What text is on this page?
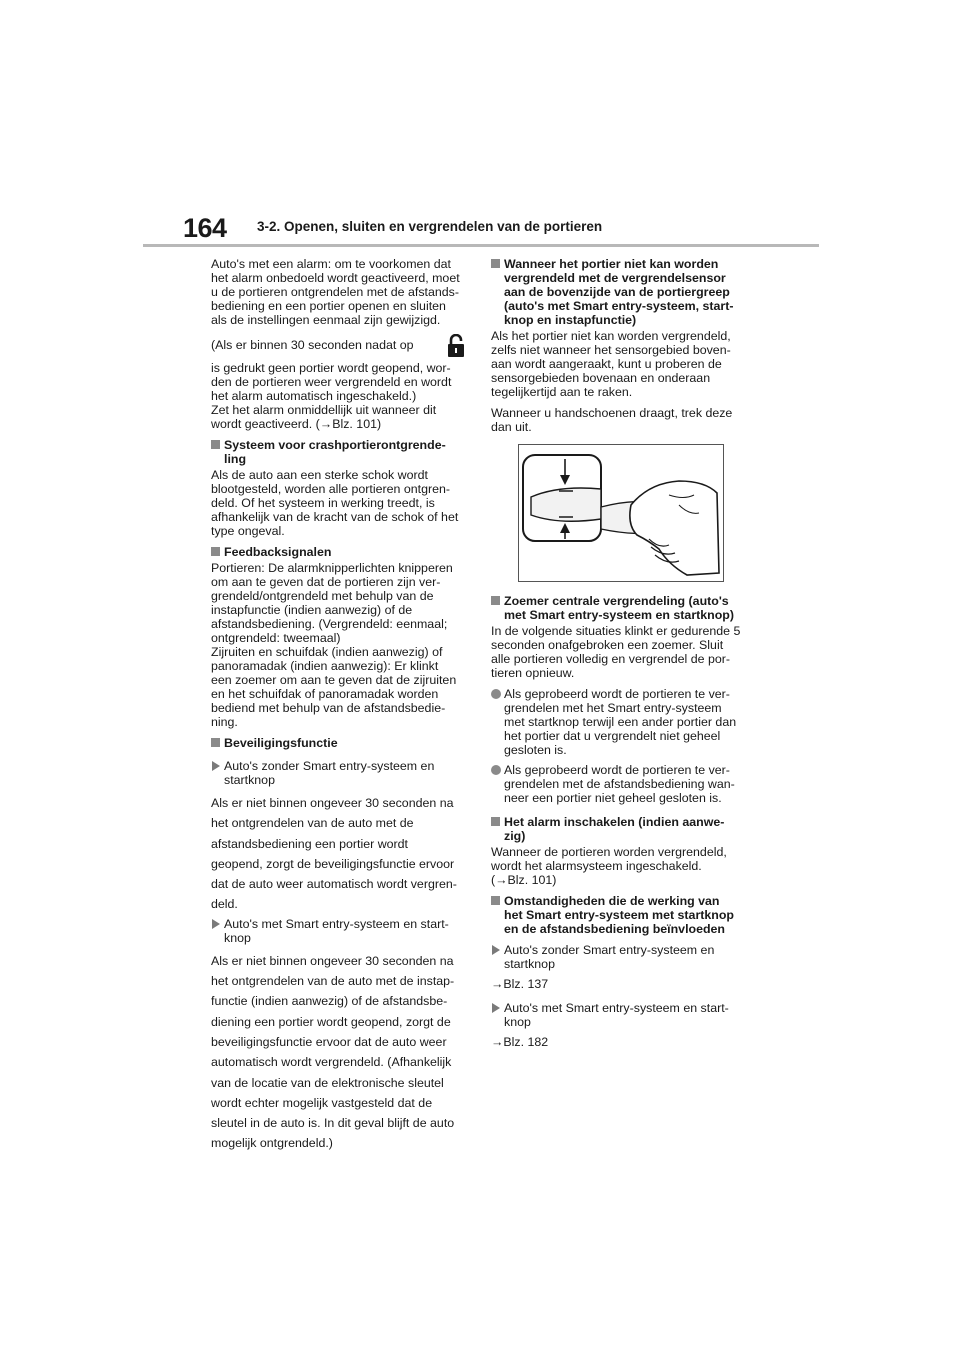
164 3-2. Openen, sluiten en vergrendelen van de portieren

Auto's met een alarm: om te voorkomen dat
het alarm onbedoeld wordt geactiveerd, moet
u de portieren ontgrendelen met de afstands-
bediening en een portier openen en sluiten
als de instellingen eenmaal zijn gewijzigd.

(Als er binnen 30 seconden nadat op

is gedrukt geen portier wordt geopend, wor-
den de portieren weer vergrendeld en wordt
het alarm automatisch ingeschakeld.)
Zet het alarm onmiddellijk uit wanneer dit
wordt geactiveerd. (→Blz. 101)

Systeem voor crashportierontgrende-
ling

Als de auto aan een sterke schok wordt
blootgesteld, worden alle portieren ontgren-
deld. Of het systeem in werking treedt, is
afhankelijk van de kracht van de schok of het
type ongeval.

Feedbacksignalen

Portieren: De alarmknipperlichten knipperen
om aan te geven dat de portieren zijn ver-
grendeld/ontgrendeld met behulp van de
instapfunctie (indien aanwezig) of de
afstandsbediening. (Vergrendeld: eenmaal;
ontgrendeld: tweemaal)
Zijruiten en schuifdak (indien aanwezig) of
panoramadak (indien aanwezig): Er klinkt
een zoemer om aan te geven dat de zijruiten
en het schuifdak of panoramadak worden
bediend met behulp van de afstandsbedie-
ning.

Beveiligingsfunctie
Auto's zonder Smart entry-systeem en
startknop

Als er niet binnen ongeveer 30 seconden na
het ontgrendelen van de auto met de
afstandsbediening een portier wordt
geopend, zorgt de beveiligingsfunctie ervoor
dat de auto weer automatisch wordt vergren-
deld.

Auto's met Smart entry-systeem en start-
knop

Als er niet binnen ongeveer 30 seconden na
het ontgrendelen van de auto met de instap-
functie (indien aanwezig) of de afstandsbe-
diening een portier wordt geopend, zorgt de
beveiligingsfunctie ervoor dat de auto weer
automatisch wordt vergrendeld. (Afhankelijk
van de locatie van de elektronische sleutel
wordt echter mogelijk vastgesteld dat de
sleutel in de auto is. In dit geval blijft de auto
mogelijk ontgrendeld.)

Wanneer het portier niet kan worden
vergrendeld met de vergrendelsensor
aan de bovenzijde van de portiergreep
(auto's met Smart entry-systeem, start-
knop en instapfunctie)

Als het portier niet kan worden vergrendeld,
zelfs niet wanneer het sensorgebied boven-
aan wordt aangeraakt, kunt u proberen de
sensorgebieden bovenaan en onderaan
tegelijkertijd aan te raken.

Wanneer u handschoenen draagt, trek deze
dan uit.

Zoemer centrale vergrendeling (auto's
met Smart entry-systeem en startknop)

In de volgende situaties klinkt er gedurende 5
seconden onafgebroken een zoemer. Sluit
alle portieren volledig en vergrendel de por-
tieren opnieuw.

Als geprobeerd wordt de portieren te ver-
grendelen met het Smart entry-systeem
met startknop terwijl een ander portier dan
het portier dat u vergrendelt niet geheel
gesloten is.
Als geprobeerd wordt de portieren te ver-
grendelen met de afstandsbediening wan-
neer een portier niet geheel gesloten is.
Het alarm inschakelen (indien aanwe-
zig)

Wanneer de portieren worden vergrendeld,
wordt het alarmsysteem ingeschakeld.
(→Blz. 101)

Omstandigheden die de werking van
het Smart entry-systeem met startknop
en de afstandsbediening beïnvloeden
Auto's zonder Smart entry-systeem en
startknop

→Blz. 137

Auto's met Smart entry-systeem en start-
knop

→Blz. 182
